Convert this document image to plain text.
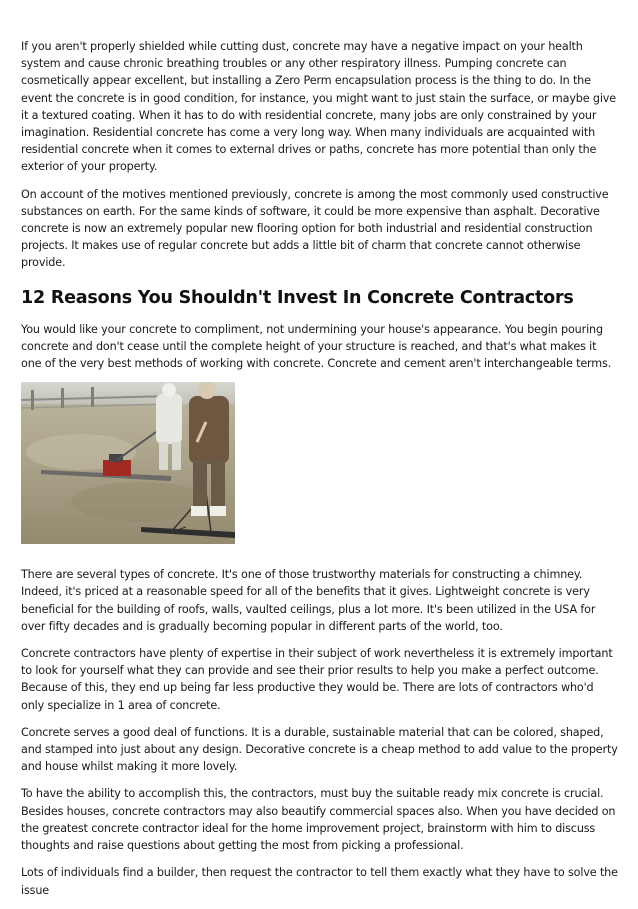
If you aren't properly shielded while cutting dust, concrete may have a negative impact on your health system and cause chronic breathing troubles or any other respiratory illness. Pumping concrete can cosmetically appear excellent, but installing a Zero Perm encapsulation process is the thing to do. In the event the concrete is in good condition, for instance, you might want to just stain the surface, or maybe give it a textured coating. When it has to do with residential concrete, many jobs are only constrained by your imagination. Residential concrete has come a very long way. When many individuals are acquainted with residential concrete when it comes to external drives or paths, concrete has more potential than only the exterior of your property.

On account of the motives mentioned previously, concrete is among the most commonly used constructive substances on earth. For the same kinds of software, it could be more expensive than asphalt. Decorative concrete is now an extremely popular new flooring option for both industrial and residential construction projects. It makes use of regular concrete but adds a little bit of charm that concrete cannot otherwise provide.

12 Reasons You Shouldn't Invest In Concrete Contractors

You would like your concrete to compliment, not undermining your house's appearance. You begin pouring concrete and don't cease until the complete height of your structure is reached, and that's what makes it one of the very best methods of working with concrete. Concrete and cement aren't interchangeable terms.

There are several types of concrete. It's one of those trustworthy materials for constructing a chimney. Indeed, it's priced at a reasonable speed for all of the benefits that it gives. Lightweight concrete is very beneficial for the building of roofs, walls, vaulted ceilings, plus a lot more. It's been utilized in the USA for over fifty decades and is gradually becoming popular in different parts of the world, too.

Concrete contractors have plenty of expertise in their subject of work nevertheless it is extremely important to look for yourself what they can provide and see their prior results to help you make a perfect outcome. Because of this, they end up being far less productive they would be. There are lots of contractors who'd only specialize in 1 area of concrete.

Concrete serves a good deal of functions. It is a durable, sustainable material that can be colored, shaped, and stamped into just about any design. Decorative concrete is a cheap method to add value to the property and house whilst making it more lovely.

To have the ability to accomplish this, the contractors, must buy the suitable ready mix concrete is crucial. Besides houses, concrete contractors may also beautify commercial spaces also. When you have decided on the greatest concrete contractor ideal for the home improvement project, brainstorm with him to discuss thoughts and raise questions about getting the most from picking a professional.

Lots of individuals find a builder, then request the contractor to tell them exactly what they have to solve the issue
